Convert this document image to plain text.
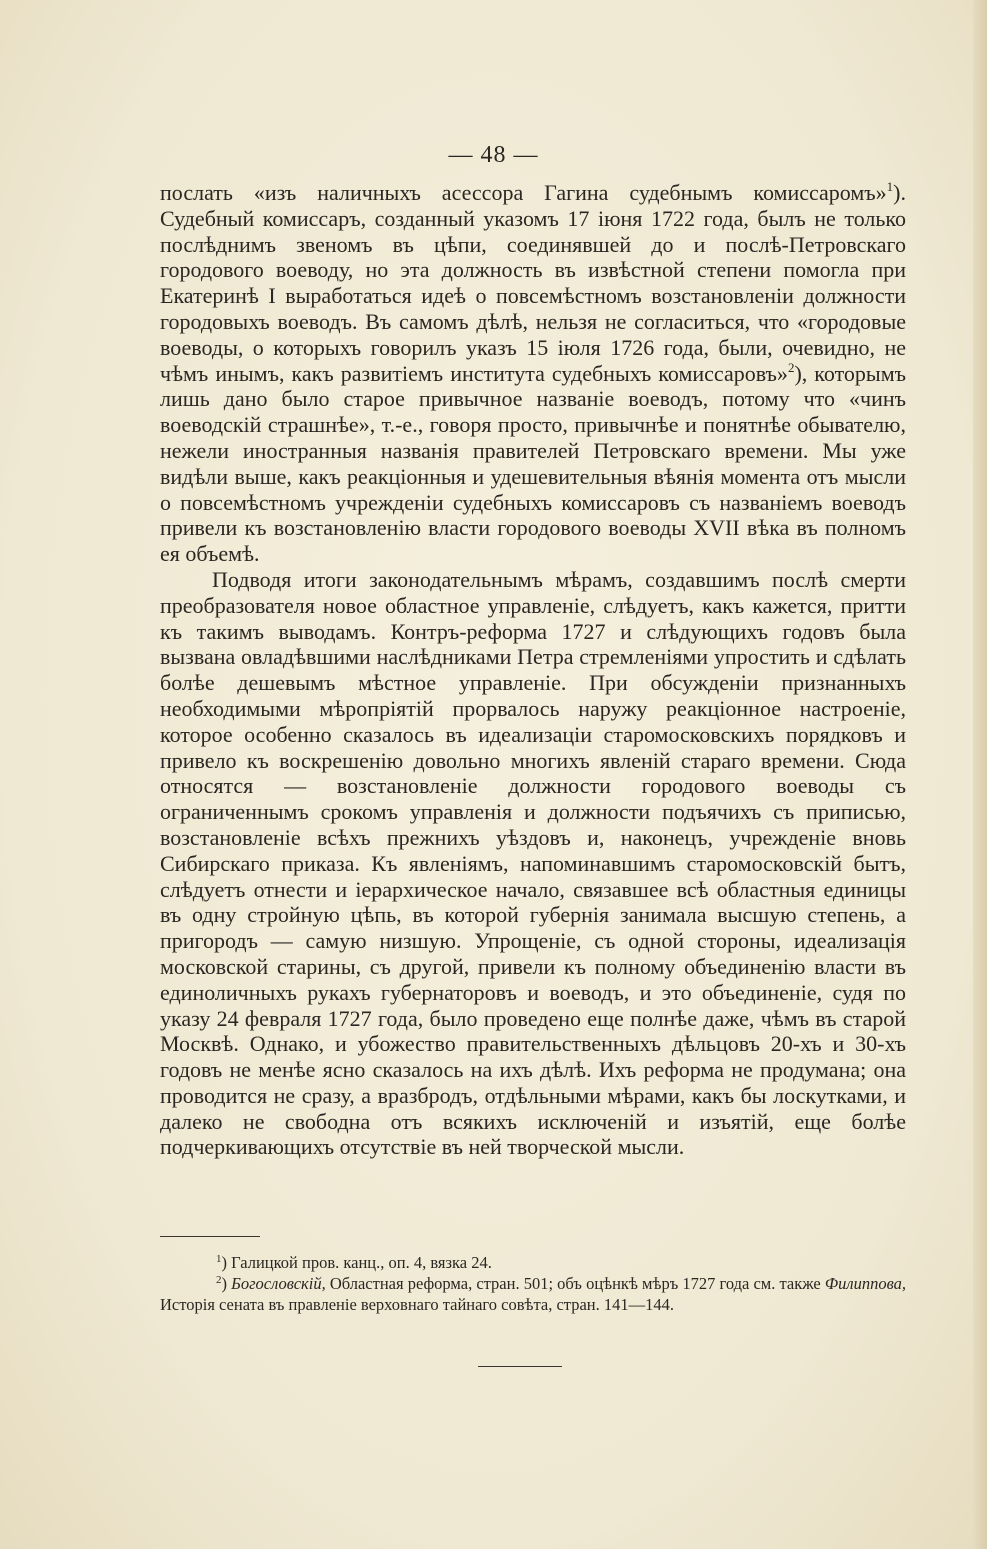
— 48 —

послать «изъ наличныхъ асессора Гагина судебнымъ комиссаромъ»$^1$). Судебный комиссаръ, созданный указомъ 17 іюня 1722 года, былъ не только послѣднимъ звеномъ въ цѣпи, соединявшей до и послѣ-Петровскаго городового воеводу, но эта должность въ извѣстной степени помогла при Екатеринѣ I выработаться идеѣ о повсемѣстномъ возстановленіи должности городовыхъ воеводъ. Въ самомъ дѣлѣ, нельзя не согласиться, что «городовые воеводы, о которыхъ говорилъ указъ 15 іюля 1726 года, были, очевидно, не чѣмъ инымъ, какъ развитіемъ института судебныхъ комиссаровъ»$^2$), которымъ лишь дано было старое привычное названіе воеводъ, потому что «чинъ воеводскій страшнѣе», т.-е., говоря просто, привычнѣе и понятнѣе обывателю, нежели иностранныя названія правителей Петровскаго времени. Мы уже видѣли выше, какъ реакціонныя и удешевительныя вѣянія момента отъ мысли о повсемѣстномъ учрежденіи судебныхъ комиссаровъ съ названіемъ воеводъ привели къ возстановленію власти городового воеводы XVII вѣка въ полномъ ея объемѣ.

Подводя итоги законодательнымъ мѣрамъ, создавшимъ послѣ смерти преобразователя новое областное управленіе, слѣдуетъ, какъ кажется, притти къ такимъ выводамъ. Контръ-реформа 1727 и слѣдующихъ годовъ была вызвана овладѣвшими наслѣдниками Петра стремленіями упростить и сдѣлать болѣе дешевымъ мѣстное управленіе. При обсужденіи признанныхъ необходимыми мѣропріятій прорвалось наружу реакціонное настроеніе, которое особенно сказалось въ идеализаціи старомосковскихъ порядковъ и привело къ воскрешенію довольно многихъ явленій стараго времени. Сюда относятся — возстановленіе должности городового воеводы съ ограниченнымъ срокомъ управленія и должности подъячихъ съ приписью, возстановленіе всѣхъ прежнихъ уѣздовъ и, наконецъ, учрежденіе вновь Сибирскаго приказа. Къ явленіямъ, напоминавшимъ старомосковскій бытъ, слѣдуетъ отнести и іерархическое начало, связавшее всѣ областныя единицы въ одну стройную цѣпь, въ которой губернія занимала высшую степень, а пригородъ — самую низшую. Упрощеніе, съ одной стороны, идеализація московской старины, съ другой, привели къ полному объединенію власти въ единоличныхъ рукахъ губернаторовъ и воеводъ, и это объединеніе, судя по указу 24 февраля 1727 года, было проведено еще полнѣе даже, чѣмъ въ старой Москвѣ. Однако, и убожество правительственныхъ дѣльцовъ 20-хъ и 30-хъ годовъ не менѣе ясно сказалось на ихъ дѣлѣ. Ихъ реформа не продумана; она проводится не сразу, а вразбродъ, отдѣльными мѣрами, какъ бы лоскутками, и далеко не свободна отъ всякихъ исключеній и изъятій, еще болѣе подчеркивающихъ отсутствіе въ ней творческой мысли.

$^1$) Галицкой пров. канц., оп. 4, вязка 24.

$^2$) Богословскій, Областная реформа, стран. 501; объ оцѣнкѣ мѣръ 1727 года см. также Филиппова, Исторія сената въ правленіе верховнаго тайнаго совѣта, стран. 141—144.
